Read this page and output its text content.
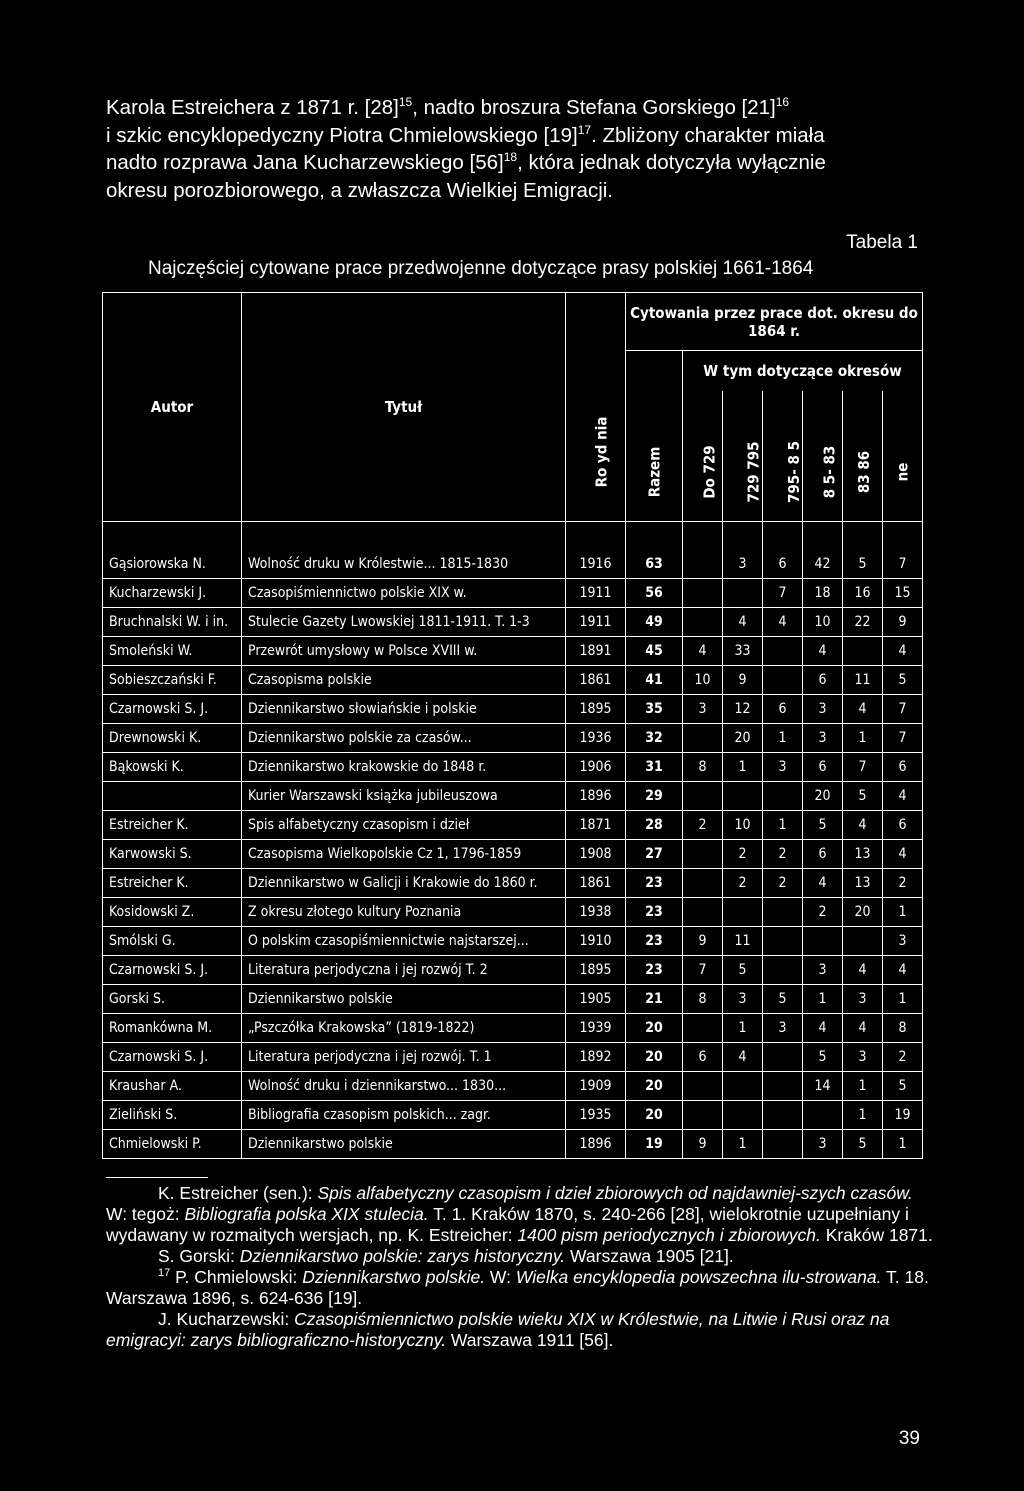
Karola Estreichera z 1871 r. $[28]^{15}$, nadto broszura Stefana Gorskiego $[21]^{16}$
i szkic encyklopedyczny Piotra Chmielowskiego $[19]^{17}$. Zbliżony charakter miała
nadto rozprawa Jana Kucharzewskiego $[56]^{18}$, która jednak dotyczyła wyłącznie
okresu porozbiorowego, a zwłaszcza Wielkiej Emigracji.
Tabela 1
Najczęściej cytowane prace przedwojenne dotyczące prasy polskiej 1661-1864
Autor	Tytuł	Ro yd nia	Cytowania przez prace dot. okresu do 1864 r.						
			Razem	W tym dotyczące okresów					
				Do 729	729 795	795- 8 5	8 5- 83	83 86	ne

Gąsiorowska N.	Wolność druku w Królestwie... 1815-1830	1916	63		3	6	42	5	7
Kucharzewski J.	Czasopiśmiennictwo polskie XIX w.	1911	56			7	18	16	15
Bruchnalski W. i in.	Stulecie Gazety Lwowskiej 1811-1911. T. 1-3	1911	49		4	4	10	22	9
Smoleński W.	Przewrót umysłowy w Polsce XVIII w.	1891	45	4	33		4		4
Sobieszczański F.	Czasopisma polskie	1861	41	10	9		6	11	5
Czarnowski S. J.	Dziennikarstwo słowiańskie i polskie	1895	35	3	12	6	3	4	7
Drewnowski K.	Dziennikarstwo polskie za czasów...	1936	32		20	1	3	1	7
Bąkowski K.	Dziennikarstwo krakowskie do 1848 r.	1906	31	8	1	3	6	7	6
	Kurier Warszawski książka jubileuszowa	1896	29				20	5	4
Estreicher K.	Spis alfabetyczny czasopism i dzieł	1871	28	2	10	1	5	4	6
Karwowski S.	Czasopisma Wielkopolskie Cz 1, 1796-1859	1908	27		2	2	6	13	4
Estreicher K.	Dziennikarstwo w Galicji i Krakowie do 1860 r.	1861	23		2	2	4	13	2
Kosidowski Z.	Z okresu złotego kultury Poznania	1938	23				2	20	1
Smólski G.	O polskim czasopiśmiennictwie najstarszej...	1910	23	9	11				3
Czarnowski S. J.	Literatura perjodyczna i jej rozwój T. 2	1895	23	7	5		3	4	4
Gorski S.	Dziennikarstwo polskie	1905	21	8	3	5	1	3	1
Romankówna M.	„Pszczółka Krakowska” (1819-1822)	1939	20		1	3	4	4	8
Czarnowski S. J.	Literatura perjodyczna i jej rozwój. T. 1	1892	20	6	4		5	3	2
Kraushar A.	Wolność druku i dziennikarstwo... 1830...	1909	20				14	1	5
Zieliński S.	Bibliografia czasopism polskich... zagr.	1935	20					1	19
Chmielowski P.	Dziennikarstwo polskie	1896	19	9	1		3	5	1

K. Estreicher (sen.): Spis alfabetyczny czasopism i dzieł zbiorowych od najdawniej-szych czasów. W: tegoż: Bibliografia polska XIX stulecia. T. 1. Kraków 1870, s. 240-266 [28], wielokrotnie uzupełniany i wydawany w rozmaitych wersjach, np. K. Estreicher: 1400 pism periodycznych i zbiorowych. Kraków 1871.

S. Gorski: Dziennikarstwo polskie: zarys historyczny. Warszawa 1905 [21].

$^{17}$ P. Chmielowski: Dziennikarstwo polskie. W: Wielka encyklopedia powszechna ilu-strowana. T. 18. Warszawa 1896, s. 624-636 [19].

J. Kucharzewski: Czasopiśmiennictwo polskie wieku XIX w Królestwie, na Litwie i Rusi oraz na emigracyi: zarys bibliograficzno-historyczny. Warszawa 1911 [56].

39
